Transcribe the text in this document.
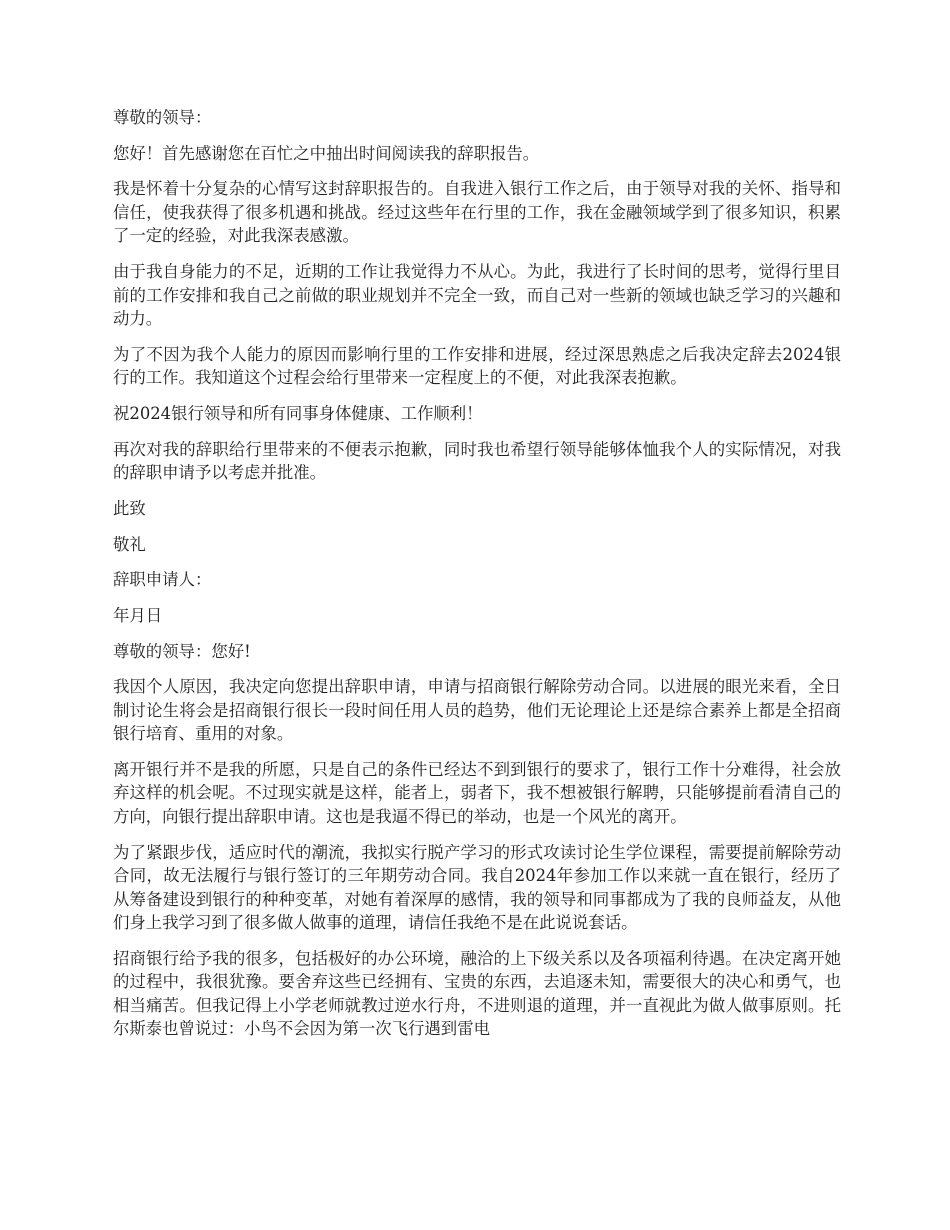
尊敬的领导：

您好！首先感谢您在百忙之中抽出时间阅读我的辞职报告。

我是怀着十分复杂的心情写这封辞职报告的。自我进入银行工作之后，由于领导对我的关怀、指导和信任，使我获得了很多机遇和挑战。经过这些年在行里的工作，我在金融领域学到了很多知识，积累了一定的经验，对此我深表感激。

由于我自身能力的不足，近期的工作让我觉得力不从心。为此，我进行了长时间的思考，觉得行里目前的工作安排和我自己之前做的职业规划并不完全一致，而自己对一些新的领域也缺乏学习的兴趣和动力。

为了不因为我个人能力的原因而影响行里的工作安排和进展，经过深思熟虑之后我决定辞去2024银行的工作。我知道这个过程会给行里带来一定程度上的不便，对此我深表抱歉。

祝2024银行领导和所有同事身体健康、工作顺利！

再次对我的辞职给行里带来的不便表示抱歉，同时我也希望行领导能够体恤我个人的实际情况，对我的辞职申请予以考虑并批准。

此致

敬礼

辞职申请人：

年月日

尊敬的领导：您好!

我因个人原因，我决定向您提出辞职申请，申请与招商银行解除劳动合同。以进展的眼光来看，全日制讨论生将会是招商银行很长一段时间任用人员的趋势，他们无论理论上还是综合素养上都是全招商银行培育、重用的对象。

离开银行并不是我的所愿，只是自己的条件已经达不到到银行的要求了，银行工作十分难得，社会放弃这样的机会呢。不过现实就是这样，能者上，弱者下，我不想被银行解聘，只能够提前看清自己的方向，向银行提出辞职申请。这也是我逼不得已的举动，也是一个风光的离开。

为了紧跟步伐，适应时代的潮流，我拟实行脱产学习的形式攻读讨论生学位课程，需要提前解除劳动合同，故无法履行与银行签订的三年期劳动合同。我自2024年参加工作以来就一直在银行，经历了从筹备建设到银行的种种变革，对她有着深厚的感情，我的领导和同事都成为了我的良师益友，从他们身上我学习到了很多做人做事的道理，请信任我绝不是在此说说套话。

招商银行给予我的很多，包括极好的办公环境，融洽的上下级关系以及各项福利待遇。在决定离开她的过程中，我很犹豫。要舍弃这些已经拥有、宝贵的东西，去追逐未知，需要很大的决心和勇气，也相当痛苦。但我记得上小学老师就教过逆水行舟，不进则退的道理，并一直视此为做人做事原则。托尔斯泰也曾说过：小鸟不会因为第一次飞行遇到雷电
